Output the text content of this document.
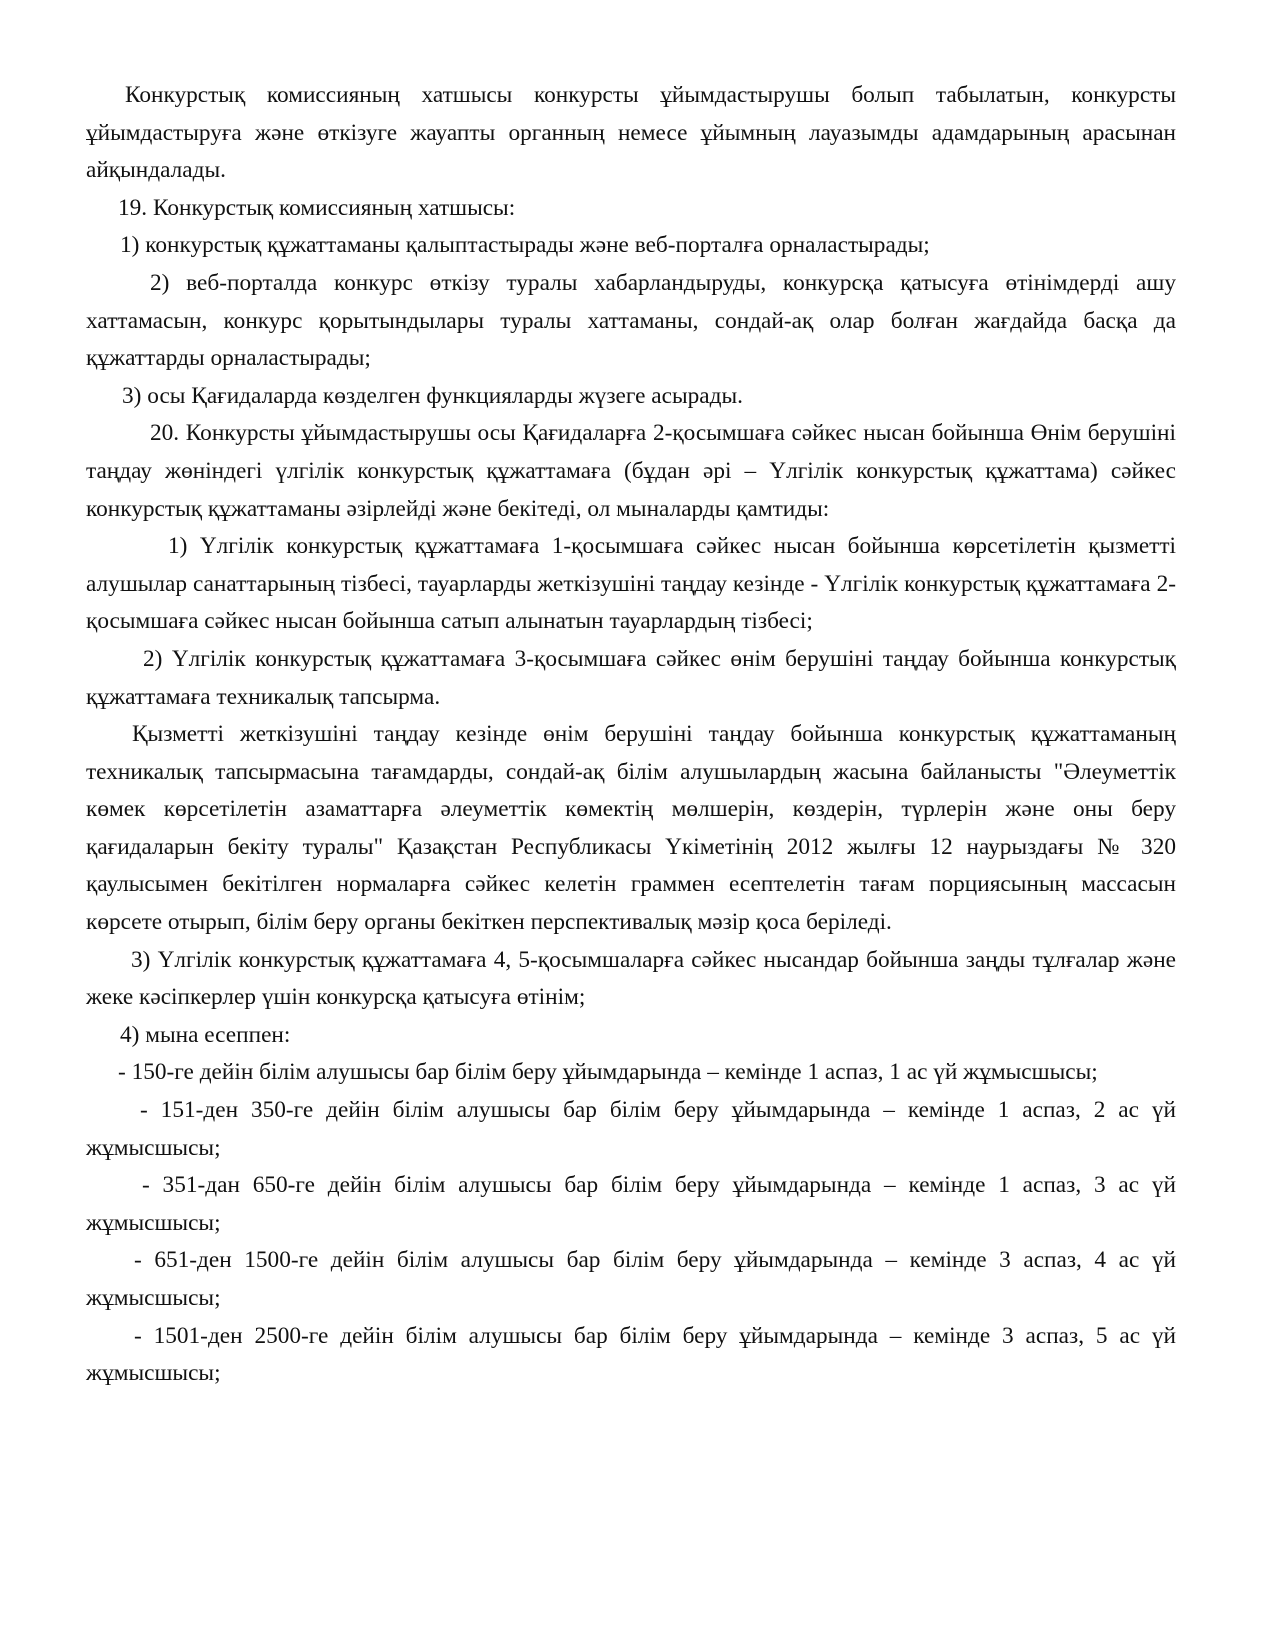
Конкурстық комиссияның хатшысы конкурсты ұйымдастырушы болып табылатын, конкурсты ұйымдастыруға және өткізуге жауапты органның немесе ұйымның лауазымды адамдарының арасынан айқындалады.

19. Конкурстық комиссияның хатшысы:

1) конкурстық құжаттаманы қалыптастырады және веб-порталға орналастырады;

2) веб-порталда конкурс өткізу туралы хабарландыруды, конкурсқа қатысуға өтінімдерді ашу хаттамасын, конкурс қорытындылары туралы хаттаманы, сондай-ақ олар болған жағдайда басқа да құжаттарды орналастырады;

3) осы Қағидаларда көзделген функцияларды жүзеге асырады.

20. Конкурсты ұйымдастырушы осы Қағидаларға 2-қосымшаға сәйкес нысан бойынша Өнім берушіні таңдау жөніндегі үлгілік конкурстық құжаттамаға (бұдан әрі – Үлгілік конкурстық құжаттама) сәйкес конкурстық құжаттаманы әзірлейді және бекітеді, ол мыналарды қамтиды:

1) Үлгілік конкурстық құжаттамаға 1-қосымшаға сәйкес нысан бойынша көрсетілетін қызметті алушылар санаттарының тізбесі, тауарларды жеткізушіні таңдау кезінде - Үлгілік конкурстық құжаттамаға 2-қосымшаға сәйкес нысан бойынша сатып алынатын тауарлардың тізбесі;

2) Үлгілік конкурстық құжаттамаға 3-қосымшаға сәйкес өнім берушіні таңдау бойынша конкурстық құжаттамаға техникалық тапсырма.

Қызметті жеткізушіні таңдау кезінде өнім берушіні таңдау бойынша конкурстық құжаттаманың техникалық тапсырмасына тағамдарды, сондай-ақ білім алушылардың жасына байланысты "Әлеуметтік көмек көрсетілетін азаматтарға әлеуметтік көмектің мөлшерін, көздерін, түрлерін және оны беру қағидаларын бекіту туралы" Қазақстан Республикасы Үкіметінің 2012 жылғы 12 наурыздағы № 320 қаулысымен бекітілген нормаларға сәйкес келетін граммен есептелетін тағам порциясының массасын көрсете отырып, білім беру органы бекіткен перспективалық мәзір қоса беріледі.

3) Үлгілік конкурстық құжаттамаға 4, 5-қосымшаларға сәйкес нысандар бойынша заңды тұлғалар және жеке кәсіпкерлер үшін конкурсқа қатысуға өтінім;

4) мына есеппен:

- 150-ге дейін білім алушысы бар білім беру ұйымдарында – кемінде 1 аспаз, 1 ас үй жұмысшысы;

- 151-ден 350-ге дейін білім алушысы бар білім беру ұйымдарында – кемінде 1 аспаз, 2 ас үй жұмысшысы;

- 351-дан 650-ге дейін білім алушысы бар білім беру ұйымдарында – кемінде 1 аспаз, 3 ас үй жұмысшысы;

- 651-ден 1500-ге дейін білім алушысы бар білім беру ұйымдарында – кемінде 3 аспаз, 4 ас үй жұмысшысы;

- 1501-ден 2500-ге дейін білім алушысы бар білім беру ұйымдарында – кемінде 3 аспаз, 5 ас үй жұмысшысы;
